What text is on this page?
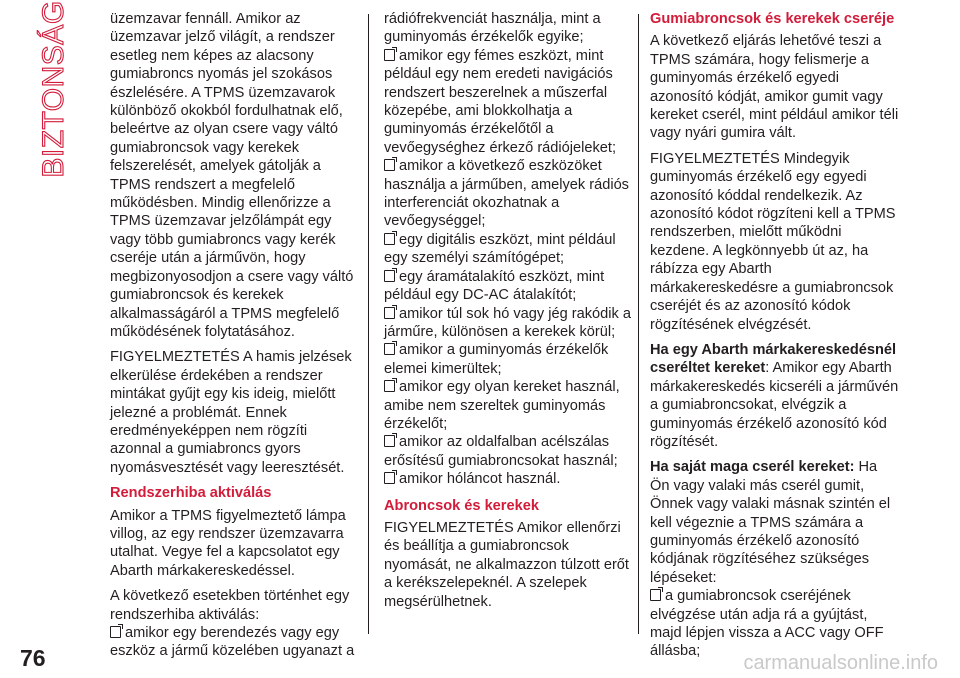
BIZTONSÁG	üzemzavar fennáll. Amikor az üzemzavar jelző világít, a rendszer esetleg nem képes az alacsony gumiabroncs nyomás jel szokásos észlelésére. A TPMS üzemzavarok különböző okokból fordulhatnak elő, beleértve az olyan csere vagy váltó gumiabroncsok vagy kerekek felszerelését, amelyek gátolják a TPMS rendszert a megfelelő működésben. Mindig ellenőrizze a TPMS üzemzavar jelzőlámpát egy vagy több gumiabroncs vagy kerék cseréje után a járművön, hogy megbizonyosodjon a csere vagy váltó gumiabroncsok és kerekek alkalmasságáról a TPMS megfelelő működésének folytatásához.

FIGYELMEZTETÉS A hamis jelzések elkerülése érdekében a rendszer mintákat gyűjt egy kis ideig, mielőtt jelezné a problémát. Ennek eredményeképpen nem rögzíti azonnal a gumiabroncs gyors nyomásvesztését vagy leeresztését.

Rendszerhiba aktiválás

Amikor a TPMS figyelmeztető lámpa villog, az egy rendszer üzemzavarra utalhat. Vegye fel a kapcsolatot egy Abarth márkakereskedéssel.

A következő esetekben történhet egy rendszerhiba aktiválás:
amikor egy berendezés vagy egy eszköz a jármű közelében ugyanazt a

rádiófrekvenciát használja, mint a guminyomás érzékelők egyike;
amikor egy fémes eszközt, mint például egy nem eredeti navigációs rendszert beszerelnek a műszerfal közepébe, ami blokkolhatja a guminyomás érzékelőtől a vevőegységhez érkező rádiójeleket;
amikor a következő eszközöket használja a járműben, amelyek rádiós interferenciát okozhatnak a vevőegységgel;
egy digitális eszközt, mint például egy személyi számítógépet;
egy áramátalakító eszközt, mint például egy DC-AC átalakítót;
amikor túl sok hó vagy jég rakódik a járműre, különösen a kerekek körül;
amikor a guminyomás érzékelők elemei kimerültek;
amikor egy olyan kereket használ, amibe nem szereltek guminyomás érzékelőt;
amikor az oldalfalban acélszálas erősítésű gumiabroncsokat használ;
amikor hóláncot használ.

Abroncsok és kerekek

FIGYELMEZTETÉS Amikor ellenőrzi és beállítja a gumiabroncsok nyomását, ne alkalmazzon túlzott erőt a kerékszelepeknél. A szelepek megsérülhetnek.

Gumiabroncsok és kerekek cseréje

A következő eljárás lehetővé teszi a TPMS számára, hogy felismerje a guminyomás érzékelő egyedi azonosító kódját, amikor gumit vagy kereket cserél, mint például amikor téli vagy nyári gumira vált.

FIGYELMEZTETÉS Mindegyik guminyomás érzékelő egy egyedi azonosító kóddal rendelkezik. Az azonosító kódot rögzíteni kell a TPMS rendszerben, mielőtt működni kezdene. A legkönnyebb út az, ha rábízza egy Abarth márkakereskedésre a gumiabroncsok cseréjét és az azonosító kódok rögzítésének elvégzését.

Ha egy Abarth márkakereskedésnél cseréltet kereket: Amikor egy Abarth márkakereskedés kicseréli a járművén a gumiabroncsokat, elvégzik a guminyomás érzékelő azonosító kód rögzítését.

Ha saját maga cserél kereket: Ha Ön vagy valaki más cserél gumit, Önnek vagy valaki másnak szintén el kell végeznie a TPMS számára a guminyomás érzékelő azonosító kódjának rögzítéséhez szükséges lépéseket:
a gumiabroncsok cseréjének elvégzése után adja rá a gyújtást, majd lépjen vissza a ACC vagy OFF állásba;

76	carmanualsonline.info
